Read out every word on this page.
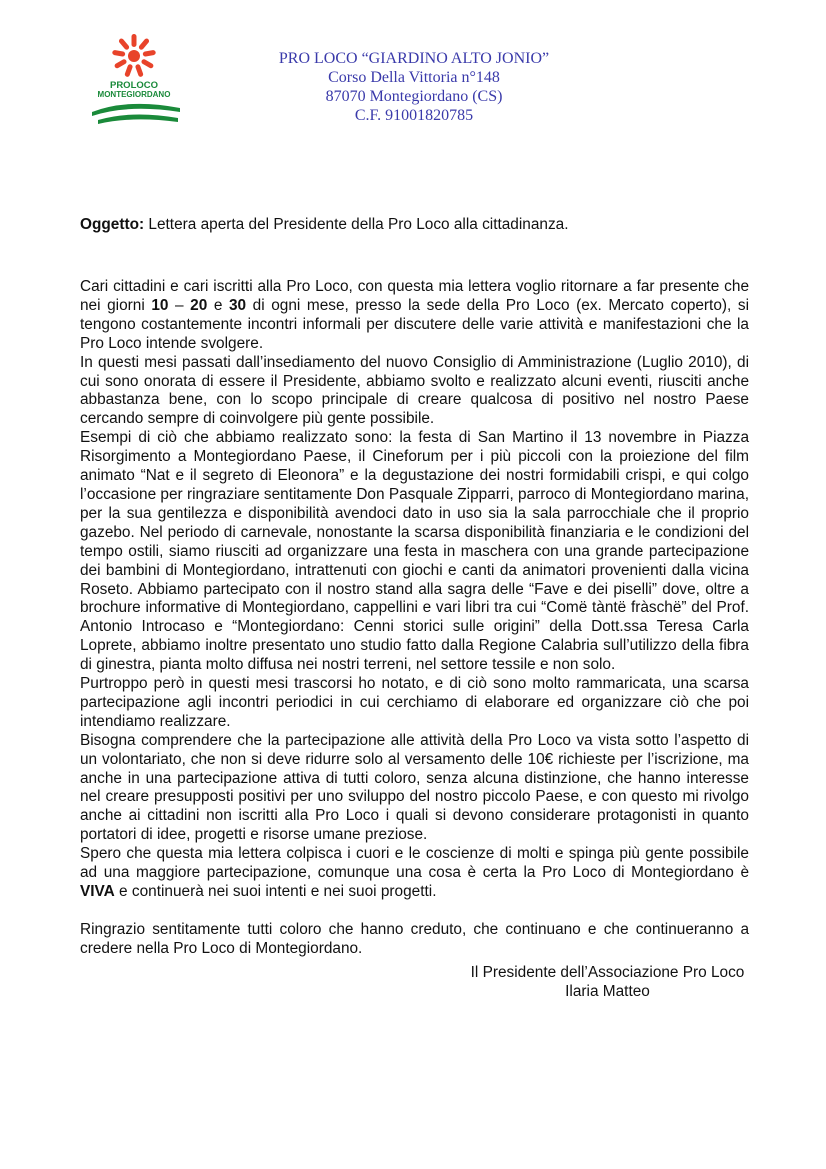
PROLOCO
MONTEGIORDANO
PRO LOCO “GIARDINO ALTO JONIO”
Corso Della Vittoria n°148
87070 Montegiordano (CS)
C.F. 91001820785
Oggetto: Lettera aperta del Presidente della Pro Loco alla cittadinanza.

Cari cittadini e cari iscritti alla Pro Loco, con questa mia lettera voglio ritornare a far presente che nei giorni 10 – 20 e 30 di ogni mese, presso la sede della Pro Loco (ex. Mercato coperto), si tengono costantemente incontri informali per discutere delle varie attività e manifestazioni che la Pro Loco intende svolgere.

In questi mesi passati dall’insediamento del nuovo Consiglio di Amministrazione (Luglio 2010), di cui sono onorata di essere il Presidente, abbiamo svolto e realizzato alcuni eventi, riusciti anche abbastanza bene, con lo scopo principale di creare qualcosa di positivo nel nostro Paese cercando sempre di coinvolgere più gente possibile.

Esempi di ciò che abbiamo realizzato sono: la festa di San Martino il 13 novembre in Piazza Risorgimento a Montegiordano Paese, il Cineforum per i più piccoli con la proiezione del film animato “Nat e il segreto di Eleonora” e la degustazione dei nostri formidabili crispi, e qui colgo l’occasione per ringraziare sentitamente Don Pasquale Zipparri, parroco di Montegiordano marina, per la sua gentilezza e disponibilità avendoci dato in uso sia la sala parrocchiale che il proprio gazebo. Nel periodo di carnevale, nonostante la scarsa disponibilità finanziaria e le condizioni del tempo ostili, siamo riusciti ad organizzare una festa in maschera con una grande partecipazione dei bambini di Montegiordano, intrattenuti con giochi e canti da animatori provenienti dalla vicina Roseto. Abbiamo partecipato con il nostro stand alla sagra delle “Fave e dei piselli” dove, oltre a brochure informative di Montegiordano, cappellini e vari libri tra cui “Comë tàntë fràschë” del Prof. Antonio Introcaso e “Montegiordano: Cenni storici sulle origini” della Dott.ssa Teresa Carla Loprete, abbiamo inoltre presentato uno studio fatto dalla Regione Calabria sull’utilizzo della fibra di ginestra, pianta molto diffusa nei nostri terreni, nel settore tessile e non solo.

Purtroppo però in questi mesi trascorsi ho notato, e di ciò sono molto rammaricata, una scarsa partecipazione agli incontri periodici in cui cerchiamo di elaborare ed organizzare ciò che poi intendiamo realizzare.

Bisogna comprendere che la partecipazione alle attività della Pro Loco va vista sotto l’aspetto di un volontariato, che non si deve ridurre solo al versamento delle 10€ richieste per l’iscrizione, ma anche in una partecipazione attiva di tutti coloro, senza alcuna distinzione, che hanno interesse nel creare presupposti positivi per uno sviluppo del nostro piccolo Paese, e con questo mi rivolgo anche ai cittadini non iscritti alla Pro Loco i quali si devono considerare protagonisti in quanto portatori di idee, progetti e risorse umane preziose.

Spero che questa mia lettera colpisca i cuori e le coscienze di molti e spinga più gente possibile ad una maggiore partecipazione, comunque una cosa è certa la Pro Loco di Montegiordano è VIVA e continuerà nei suoi intenti e nei suoi progetti.

Ringrazio sentitamente tutti coloro che hanno creduto, che continuano e che continueranno a credere nella Pro Loco di Montegiordano.

Il Presidente dell’Associazione Pro Loco
Ilaria Matteo
